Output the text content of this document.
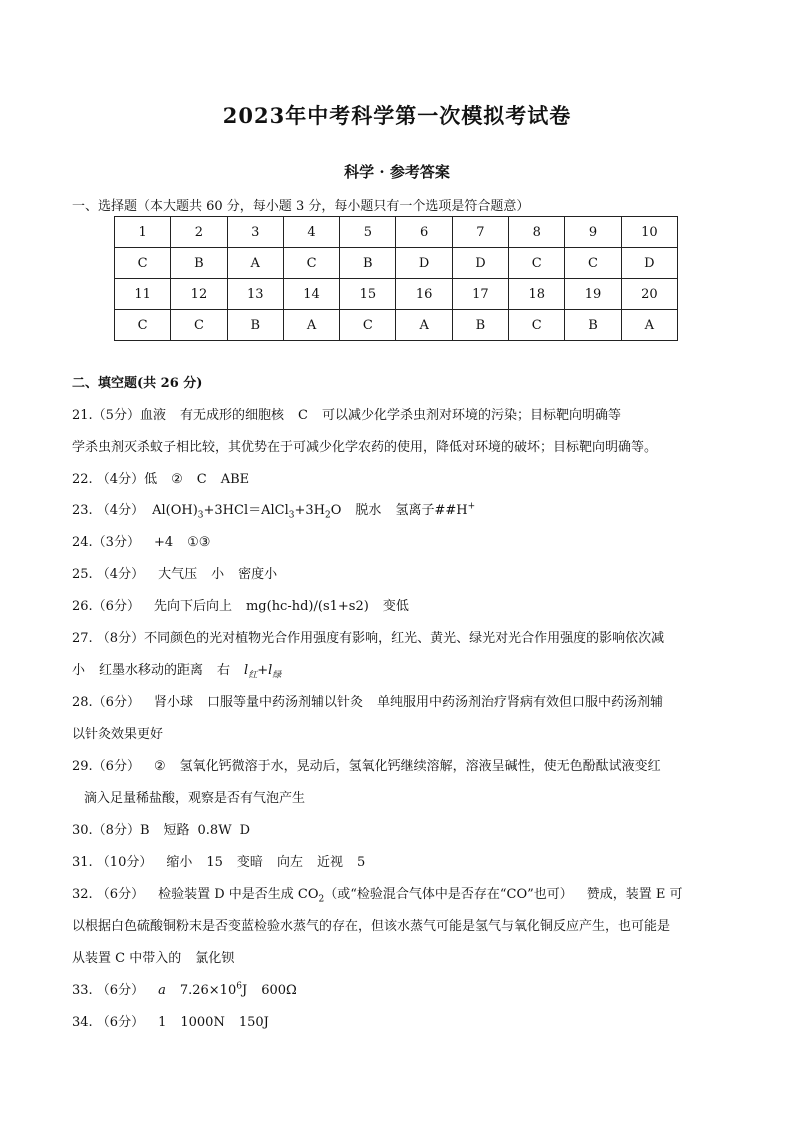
2023年中考科学第一次模拟考试卷
科学 · 参考答案
一、选择题（本大题共 60 分，每小题 3 分，每小题只有一个选项是符合题意）
1	2	3	4	5	6	7	8	9	10
C	B	A	C	B	D	D	C	C	D
11	12	13	14	15	16	17	18	19	20
C	C	B	A	C	A	B	C	B	A
二、填空题(共 26 分)
21.（5分）血液 有无成形的细胞核 C 可以减少化学杀虫剂对环境的污染；目标靶向明确等
学杀虫剂灭杀蚊子相比较，其优势在于可减少化学农药的使用，降低对环境的破坏；目标靶向明确等。
22. （4分）低 ② C ABE
23. （4分） $Al(OH)_3+3HCl=AlCl_3+3H_2O$ 脱水 氢离子##H+
24.（3分） +4 ①③
25. （4分） 大气压 小 密度小
26.（6分） 先向下后向上 mg(hc-hd)/(s1+s2) 变低
27. （8分）不同颜色的光对植物光合作用强度有影响，红光、黄光、绿光对光合作用强度的影响依次减
小 红墨水移动的距离 右 $l_红+l_绿$
28.（6分） 肾小球 口服等量中药汤剂辅以针灸 单纯服用中药汤剂治疗肾病有效但口服中药汤剂辅
以针灸效果更好
29.（6分） ② 氢氧化钙微溶于水，晃动后，氢氧化钙继续溶解，溶液呈碱性，使无色酚酞试液变红
滴入足量稀盐酸，观察是否有气泡产生
30.（8分）B 短路 0.8W D
31. （10分） 缩小 15 变暗 向左 近视 5
32. （6分） 检验装置 D 中是否生成 $CO_2$（或“检验混合气体中是否存在“CO”也可） 赞成，装置 E 可
以根据白色硫酸铜粉末是否变蓝检验水蒸气的存在，但该水蒸气可能是氢气与氧化铜反应产生，也可能是
从装置 C 中带入的 氯化钡
33. （6分） a $7.26\times 10^6J$ 600Ω
34. （6分） 1 1000N 150J
